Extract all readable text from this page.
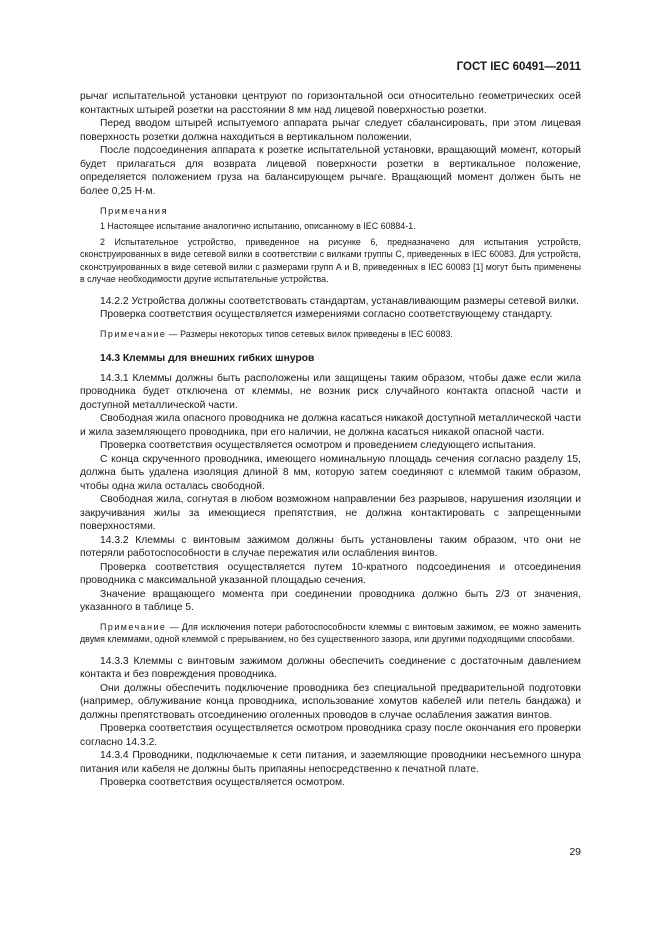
ГОСТ IEC 60491—2011

рычаг испытательной установки центруют по горизонтальной оси относительно геометрических осей контактных штырей розетки на расстоянии 8 мм над лицевой поверхностью розетки.

Перед вводом штырей испытуемого аппарата рычаг следует сбалансировать, при этом лицевая поверхность розетки должна находиться в вертикальном положении.

После подсоединения аппарата к розетке испытательной установки, вращающий момент, который будет прилагаться для возврата лицевой поверхности розетки в вертикальное положение, определяется положением груза на балансирующем рычаге. Вращающий момент должен быть не более 0,25 Н·м.

Примечания

1 Настоящее испытание аналогично испытанию, описанному в IEC 60884-1.

2 Испытательное устройство, приведенное на рисунке 6, предназначено для испытания устройств, сконструированных в виде сетевой вилки в соответствии с вилками группы С, приведенных в IEC 60083. Для устройств, сконструированных в виде сетевой вилки с размерами групп А и В, приведенных в IEC 60083 [1] могут быть применены в случае необходимости другие испытательные устройства.

14.2.2 Устройства должны соответствовать стандартам, устанавливающим размеры сетевой вилки.

Проверка соответствия осуществляется измерениями согласно соответствующему стандарту.

Примечание — Размеры некоторых типов сетевых вилок приведены в IEC 60083.

14.3 Клеммы для внешних гибких шнуров

14.3.1 Клеммы должны быть расположены или защищены таким образом, чтобы даже если жила проводника будет отключена от клеммы, не возник риск случайного контакта опасной части и доступной металлической части.

Свободная жила опасного проводника не должна касаться никакой доступной металлической части и жила заземляющего проводника, при его наличии, не должна касаться никакой опасной части.

Проверка соответствия осуществляется осмотром и проведением следующего испытания.

С конца скрученного проводника, имеющего номинальную площадь сечения согласно разделу 15, должна быть удалена изоляция длиной 8 мм, которую затем соединяют с клеммой таким образом, чтобы одна жила осталась свободной.

Свободная жила, согнутая в любом возможном направлении без разрывов, нарушения изоляции и закручивания жилы за имеющиеся препятствия, не должна контактировать с запрещенными поверхностями.

14.3.2 Клеммы с винтовым зажимом должны быть установлены таким образом, что они не потеряли работоспособности в случае пережатия или ослабления винтов.

Проверка соответствия осуществляется путем 10-кратного подсоединения и отсоединения проводника с максимальной указанной площадью сечения.

Значение вращающего момента при соединении проводника должно быть 2/3 от значения, указанного в таблице 5.

Примечание — Для исключения потери работоспособности клеммы с винтовым зажимом, ее можно заменить двумя клеммами, одной клеммой с прерыванием, но без существенного зазора, или другими подходящими способами.

14.3.3 Клеммы с винтовым зажимом должны обеспечить соединение с достаточным давлением контакта и без повреждения проводника.

Они должны обеспечить подключение проводника без специальной предварительной подготовки (например, облуживание конца проводника, использование хомутов кабелей или петель бандажа) и должны препятствовать отсоединению оголенных проводов в случае ослабления зажатия винтов.

Проверка соответствия осуществляется осмотром проводника сразу после окончания его проверки согласно 14.3.2.

14.3.4 Проводники, подключаемые к сети питания, и заземляющие проводники несъемного шнура питания или кабеля не должны быть припаяны непосредственно к печатной плате.

Проверка соответствия осуществляется осмотром.

29
